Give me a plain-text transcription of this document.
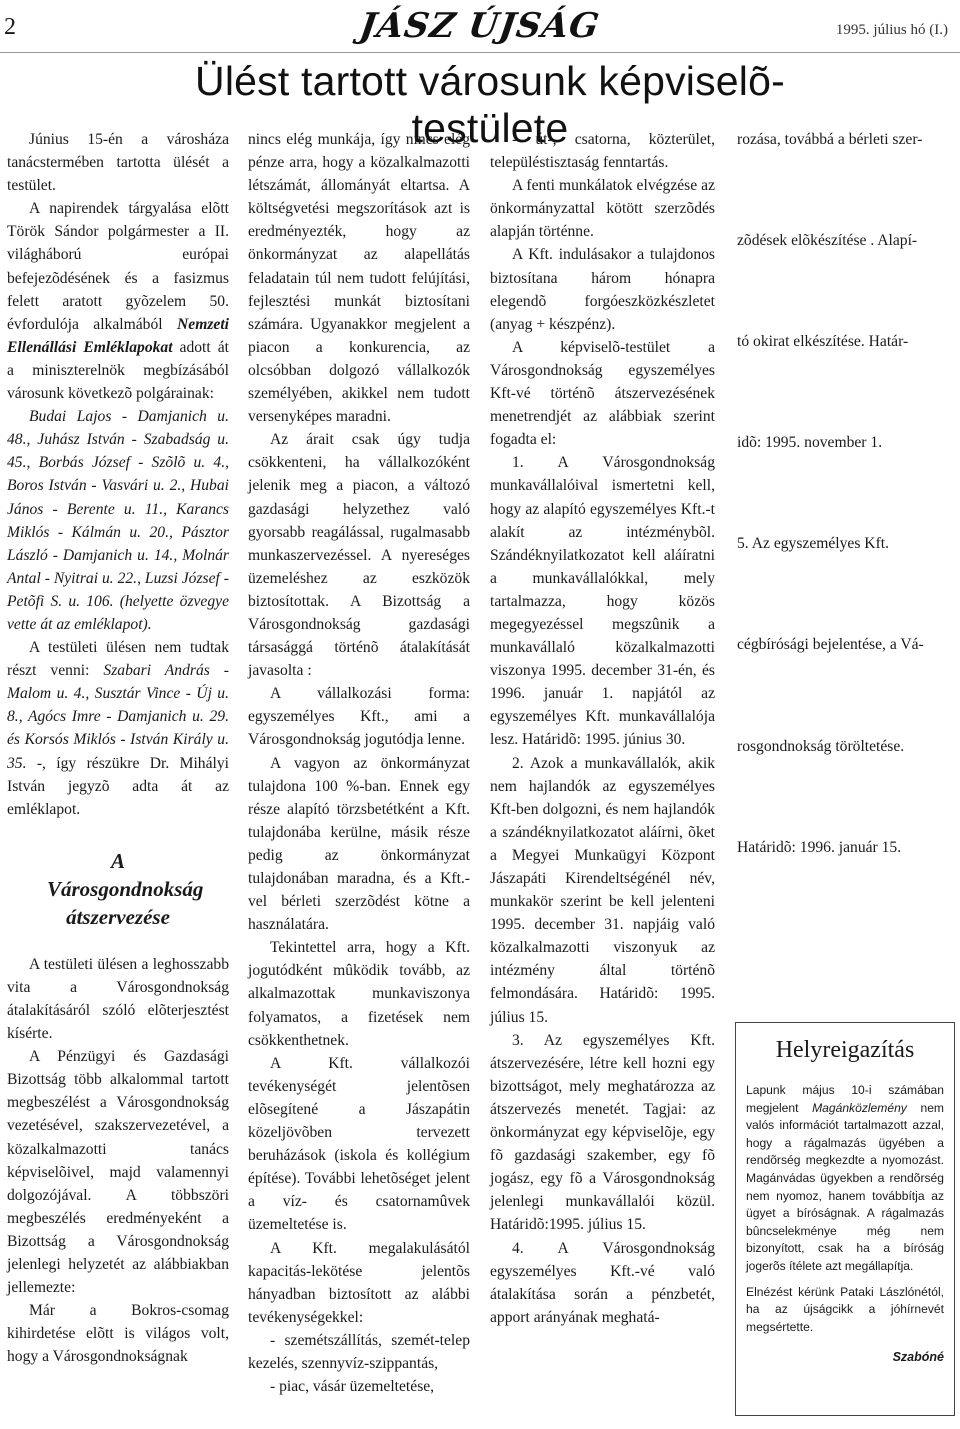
2	JÁSZ ÚJSÁG	1995. július hó (I.)
Ülést tartott városunk képviselõ-testülete

Június 15-én a városháza tanácstermében tartotta ülését a testület.

A napirendek tárgyalása elõtt Török Sándor polgármester a II. világháború európai befejezõdésének és a fasizmus felett aratott gyõzelem 50. évfordulója alkalmából Nemzeti Ellenállási Emléklapokat adott át a miniszterelnök megbízásából városunk következõ polgárainak:

Budai Lajos - Damjanich u. 48., Juhász István - Szabadság u. 45., Borbás József - Szõlõ u. 4., Boros István - Vasvári u. 2., Hubai János - Berente u. 11., Karancs Miklós - Kálmán u. 20., Pásztor László - Damjanich u. 14., Molnár Antal - Nyitrai u. 22., Luzsi József - Petõfi S. u. 106. (helyette özvegye vette át az emléklapot).

A testületi ülésen nem tudtak részt venni: Szabari András - Malom u. 4., Susztár Vince - Új u. 8., Agócs Imre - Damjanich u. 29. és Korsós Miklós - István Király u. 35. -, így részükre Dr. Mihályi István jegyzõ adta át az emléklapot.

A Városgondnokság átszervezése

A testületi ülésen a leghosszabb vita a Városgondnokság átalakításáról szóló elõterjesztést kísérte.

A Pénzügyi és Gazdasági Bizottság több alkalommal tartott megbeszélést a Városgondnokság vezetésével, szakszervezetével, a közalkalmazotti tanács képviselõivel, majd valamennyi dolgozójával. A többszöri megbeszélés eredményeként a Bizottság a Városgondnokság jelenlegi helyzetét az alábbiakban jellemezte:

Már a Bokros-csomag kihirdetése elõtt is világos volt, hogy a Városgondnokságnak

nincs elég munkája, így nincs elég pénze arra, hogy a közalkalmazotti létszámát, állományát eltartsa. A költségvetési megszorítások azt is eredményezték, hogy az önkormányzat az alapellátás feladatain túl nem tudott felújítási, fejlesztési munkát biztosítani számára. Ugyanakkor megjelent a piacon a konkurencia, az olcsóbban dolgozó vállalkozók személyében, akikkel nem tudott versenyképes maradni.

Az árait csak úgy tudja csökkenteni, ha vállalkozóként jelenik meg a piacon, a változó gazdasági helyzethez való gyorsabb reagálással, rugalmasabb munkaszervezéssel. A nyereséges üzemeléshez az eszközök biztosítottak. A Bizottság a Városgondnokság gazdasági társasággá történõ átalakítását javasolta :

A vállalkozási forma: egyszemélyes Kft., ami a Városgondnokság jogutódja lenne.

A vagyon az önkormányzat tulajdona 100 %-ban. Ennek egy része alapító törzsbetétként a Kft. tulajdonába kerülne, másik része pedig az önkormányzat tulajdonában maradna, és a Kft.-vel bérleti szerzõdést kötne a használatára.

Tekintettel arra, hogy a Kft. jogutódként mûködik tovább, az alkalmazottak munkaviszonya folyamatos, a fizetések nem csökkenthetnek.

A Kft. vállalkozói tevékenységét jelentõsen elõsegítené a Jászapátin közeljövõben tervezett beruházások (iskola és kollégium építése). További lehetõséget jelent a víz- és csatornamûvek üzemeltetése is.

A Kft. megalakulásától kapacitás-lekötése jelentõs hányadban biztosított az alábbi tevékenységekkel:

- szemétszállítás, szemét-telep kezelés, szennyvíz-szippantás,

- piac, vásár üzemeltetése,

- út-, csatorna, közterület, településtisztaság fenntartás.

A fenti munkálatok elvégzése az önkormányzattal kötött szerzõdés alapján történne.

A Kft. indulásakor a tulajdonos biztosítana három hónapra elegendõ forgóeszközkészletet (anyag + készpénz).

A képviselõ-testület a Városgondnokság egyszemélyes Kft-vé történõ átszervezésének menetrendjét az alábbiak szerint fogadta el:

1. A Városgondnokság munkavállalóival ismertetni kell, hogy az alapító egyszemélyes Kft.-t alakít az intézménybõl. Szándéknyilatkozatot kell aláíratni a munkavállalókkal, mely tartalmazza, hogy közös megegyezéssel megszûnik a munkavállaló közalkalmazotti viszonya 1995. december 31-én, és 1996. január 1. napjától az egyszemélyes Kft. munkavállalója lesz. Határidõ: 1995. június 30.

2. Azok a munkavállalók, akik nem hajlandók az egyszemélyes Kft-ben dolgozni, és nem hajlandók a szándéknyilatkozatot aláírni, õket a Megyei Munkaügyi Központ Jászapáti Kirendeltségénél név, munkakör szerint be kell jelenteni 1995. december 31. napjáig való közalkalmazotti viszonyuk az intézmény által történõ felmondására. Határidõ: 1995. július 15.

3. Az egyszemélyes Kft. átszervezésére, létre kell hozni egy bizottságot, mely meghatározza az átszervezés menetét. Tagjai: az önkormányzat egy képviselõje, egy fõ gazdasági szakember, egy fõ jogász, egy fõ a Városgondnokság jelenlegi munkavállalói közül. Határidõ:1995. július 15.

4. A Városgondnokság egyszemélyes Kft.-vé való átalakítása során a pénzbetét, apport arányának meghatá-

rozása, továbbá a bérleti szer-

zõdések elõkészítése . Alapí-

tó okirat elkészítése. Határ-

idõ: 1995. november 1.

5. Az egyszemélyes Kft.

cégbírósági bejelentése, a Vá-

rosgondnokság töröltetése.

Határidõ: 1996. január 15.

Helyreigazítás

Lapunk május 10-i számában megjelent Magánközlemény nem valós információt tartalmazott azzal, hogy a rágalmazás ügyében a rendõrség megkezdte a nyomozást. Magánvádas ügyekben a rendõrség nem nyomoz, hanem továbbítja az ügyet a bíróságnak. A rágalmazás bûncselekménye még nem bizonyított, csak ha a bíróság jogerõs ítélete azt megállapítja.

Elnézést kérünk Pataki Lászlónétól, ha az újságcikk a jóhírnevét megsértette.

Szabóné
